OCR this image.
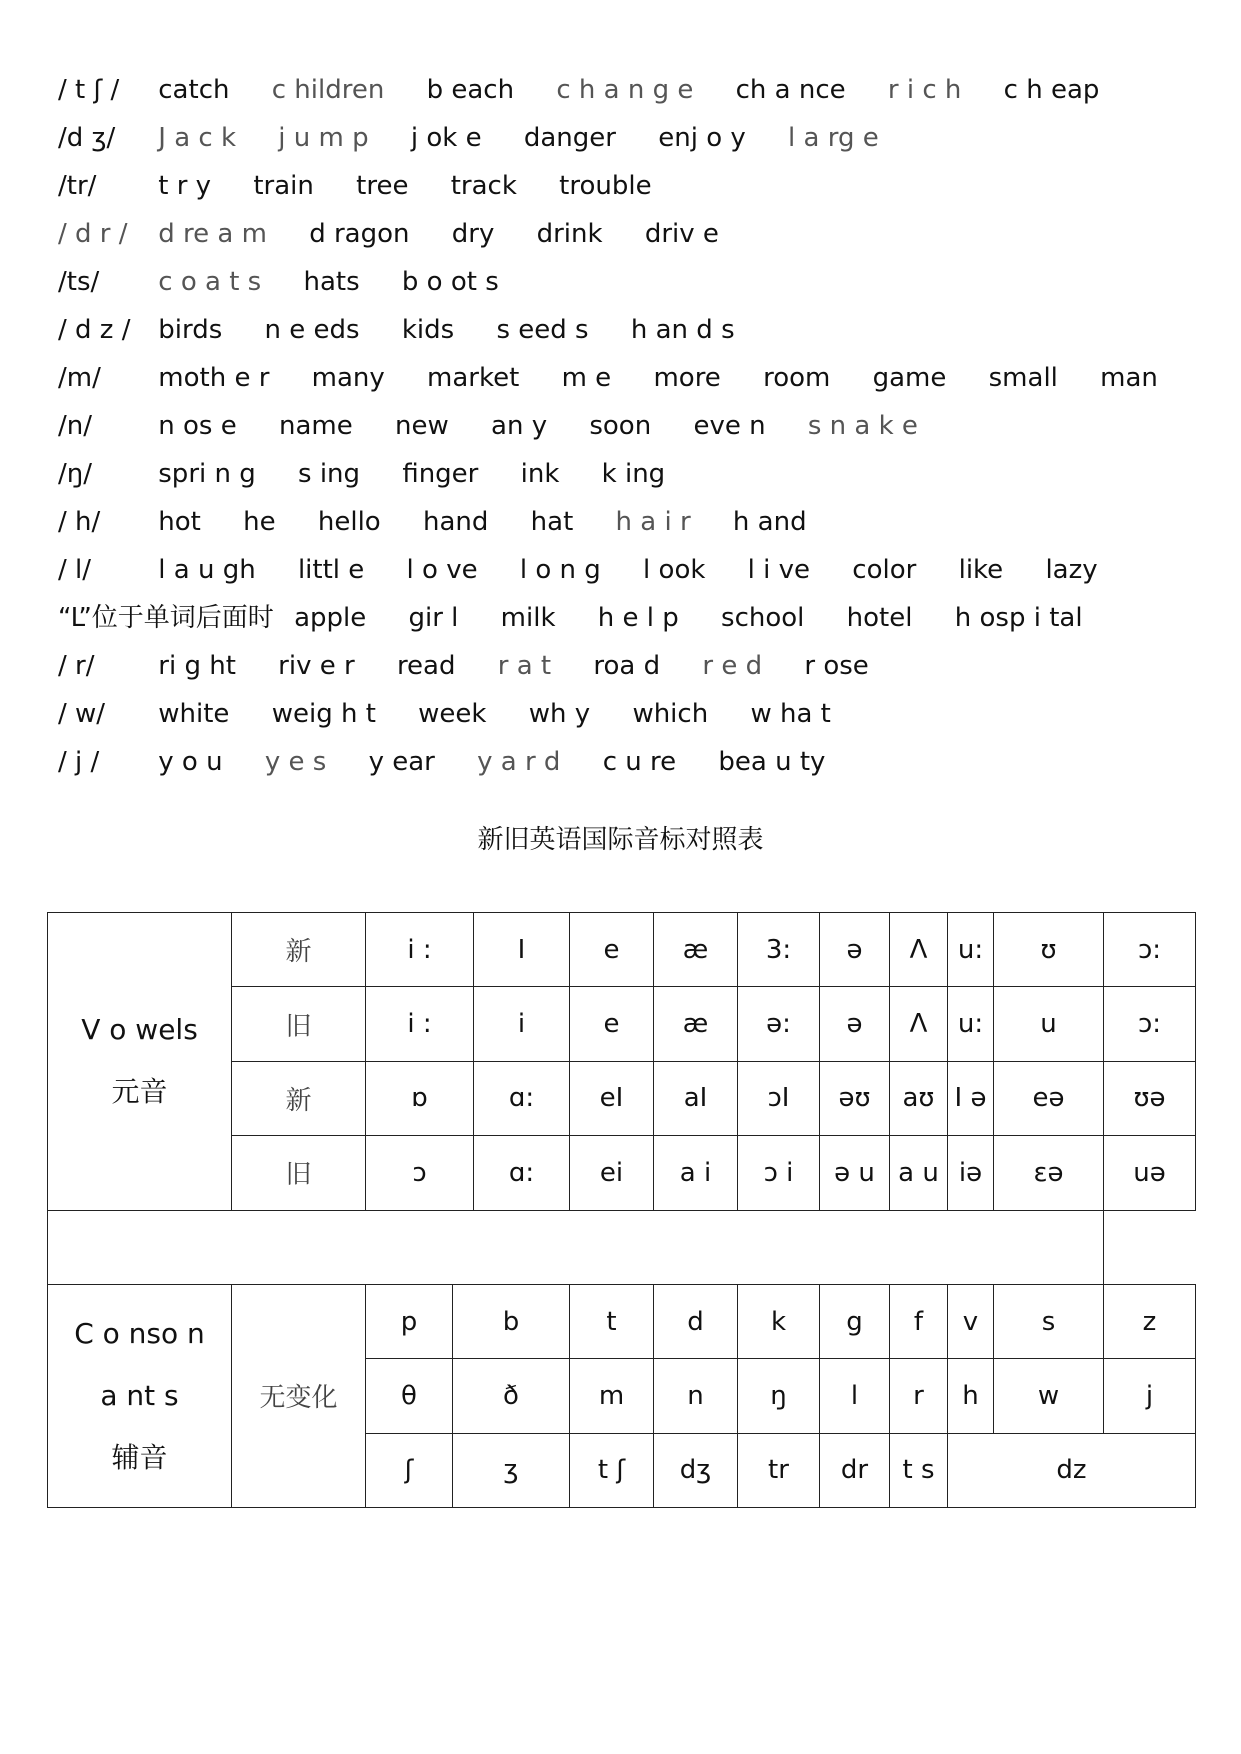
/ t ʃ / catch c hildren b each c h a n g e ch a nce r i c h c h eap
/d ʒ/ J a c k j u m p j ok e danger enj o y l a rg e
/tr/ t r y train tree track trouble
/ d r / d re a m d ragon dry drink driv e
/ts/ c o a t s hats b o ot s
/ d z / birds n e eds kids s eed s h an d s
/m/ moth e r many market m e more room game small man
/n/	n os e name new an y soon eve n s n a k e
/ŋ/	spri n g s ing finger ink k ing
/ h/ hot he hello hand hat h a i r h and
/ l/	l a u gh littl e l o ve l o n g l ook l i ve color like lazy
“L”位于单词后面时 apple gir l milk h e l p school hotel h osp i tal
/ r/ ri g ht riv e r read r a t roa d r e d r ose
/ w/ white weig h t week wh y which w ha t
/ j / y o u y e s y ear y a r d c u re bea u ty
新旧英语国际音标对照表
V o wels
元音	新	i :		I	e	æ	3:	ə	Λ	u:	ʊ	ɔ:
	旧	i :		i	e	æ	ə:	ə	Λ	u:	u	ɔ:
	新	ɒ		ɑ:	eI	aI	ɔI	əʊ	aʊ	I ə	eə	ʊə
	旧	ɔ		ɑ:	ei	a i	ɔ i	ə u	a u	iə	εə	uə

C o nso n
a nt s
辅音	无变化	p	b		t	d	k	g	f	v	s	z
		θ	ð		m	n	ŋ	l	r	h	w	j
		ʃ	ʒ		t ʃ	dʒ	tr	dr	t s	dz		
